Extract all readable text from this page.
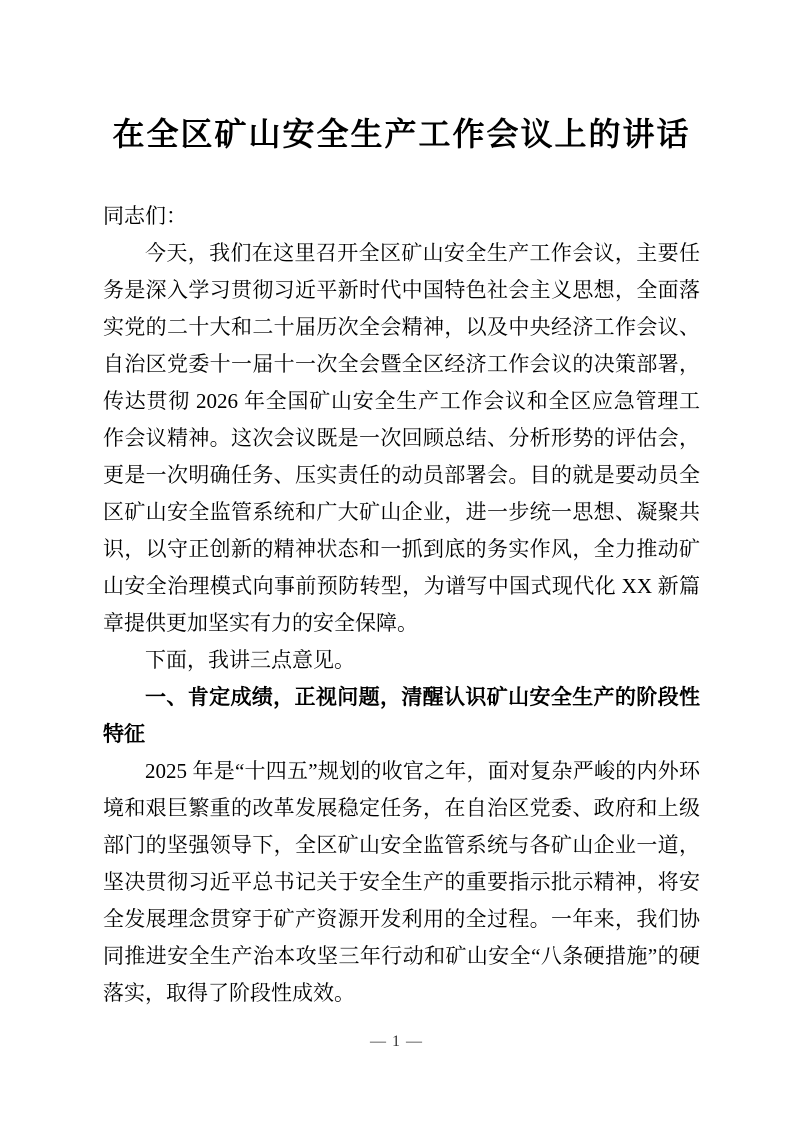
在全区矿山安全生产工作会议上的讲话

同志们：

今天，我们在这里召开全区矿山安全生产工作会议，主要任务是深入学习贯彻习近平新时代中国特色社会主义思想，全面落实党的二十大和二十届历次全会精神，以及中央经济工作会议、自治区党委十一届十一次全会暨全区经济工作会议的决策部署，传达贯彻 2026 年全国矿山安全生产工作会议和全区应急管理工作会议精神。这次会议既是一次回顾总结、分析形势的评估会，更是一次明确任务、压实责任的动员部署会。目的就是要动员全区矿山安全监管系统和广大矿山企业，进一步统一思想、凝聚共识，以守正创新的精神状态和一抓到底的务实作风，全力推动矿山安全治理模式向事前预防转型，为谱写中国式现代化 XX 新篇章提供更加坚实有力的安全保障。

下面，我讲三点意见。

一、肯定成绩，正视问题，清醒认识矿山安全生产的阶段性特征

2025 年是“十四五”规划的收官之年，面对复杂严峻的内外环境和艰巨繁重的改革发展稳定任务，在自治区党委、政府和上级部门的坚强领导下，全区矿山安全监管系统与各矿山企业一道，坚决贯彻习近平总书记关于安全生产的重要指示批示精神，将安全发展理念贯穿于矿产资源开发利用的全过程。一年来，我们协同推进安全生产治本攻坚三年行动和矿山安全“八条硬措施”的硬落实，取得了阶段性成效。

— 1 —
